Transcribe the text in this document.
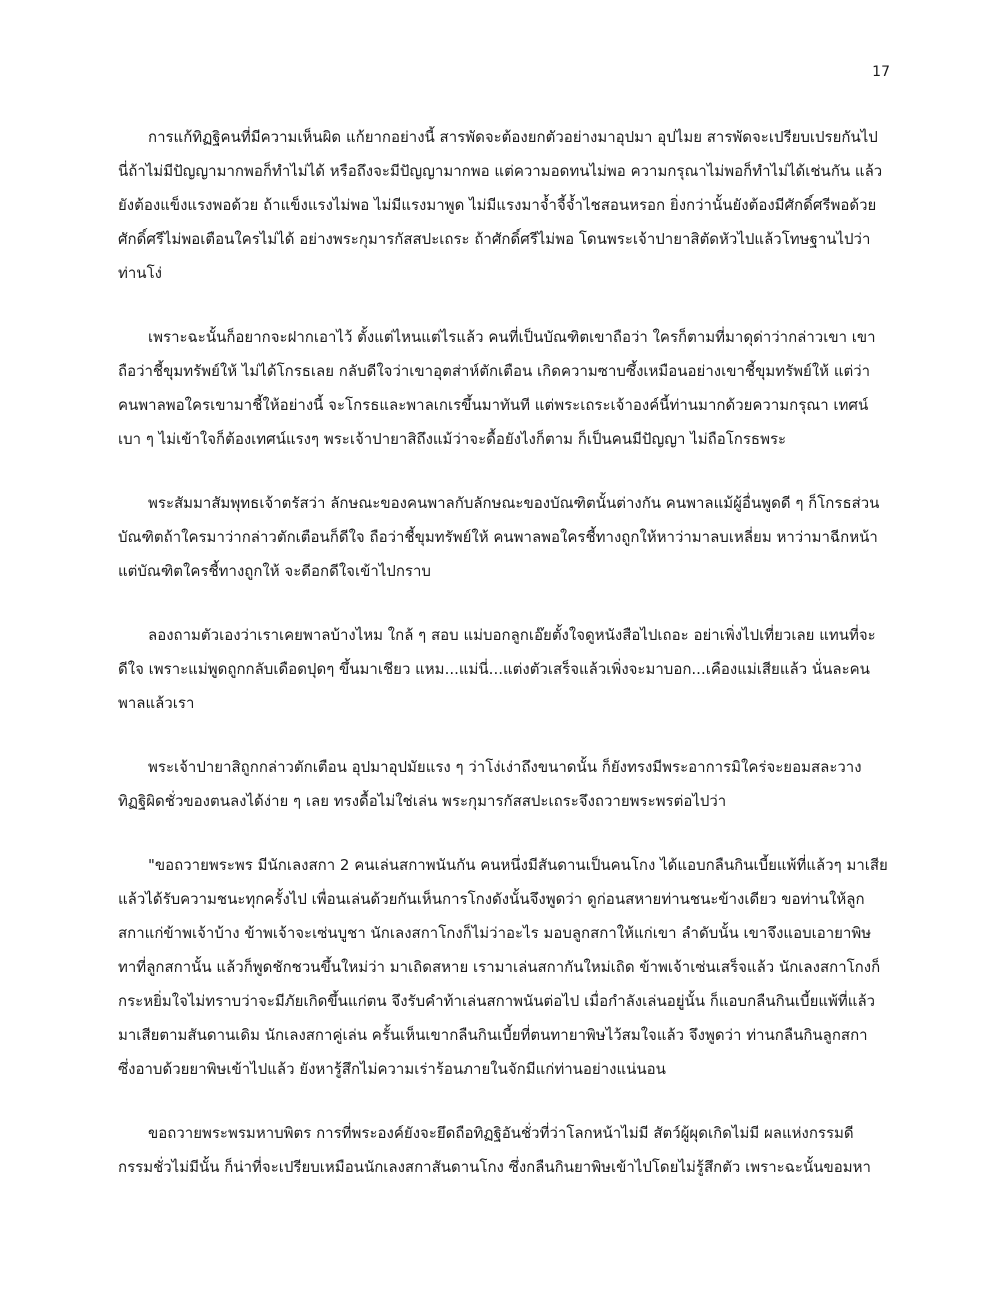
17

การแก้ทิฏฐิคนที่มีความเห็นผิด แก้ยากอย่างนี้ สารพัดจะต้องยกตัวอย่างมาอุปมา อุปไมย สารพัดจะเปรียบเปรยกันไป นี่ถ้าไม่มีปัญญามากพอก็ทำไม่ได้ หรือถึงจะมีปัญญามากพอ แต่ความอดทนไม่พอ ความกรุณาไม่พอก็ทำไม่ได้เช่นกัน แล้วยังต้องแข็งแรงพอด้วย ถ้าแข็งแรงไม่พอ ไม่มีแรงมาพูด ไม่มีแรงมาจ้ำจี้จ้ำไชสอนหรอก ยิ่งกว่านั้นยังต้องมีศักดิ์ศรีพอด้วย ศักดิ์ศรีไม่พอเตือนใครไม่ได้ อย่างพระกุมารกัสสปะเถระ ถ้าศักดิ์ศรีไม่พอ โดนพระเจ้าปายาสิตัดหัวไปแล้วโทษฐานไปว่าท่านโง่

เพราะฉะนั้นก็อยากจะฝากเอาไว้ ตั้งแต่ไหนแต่ไรแล้ว คนที่เป็นบัณฑิตเขาถือว่า ใครก็ตามที่มาดุด่าว่ากล่าวเขา เขาถือว่าชี้ขุมทรัพย์ให้ ไม่ได้โกรธเลย กลับดีใจว่าเขาอุตส่าห์ตักเตือน เกิดความซาบซึ้งเหมือนอย่างเขาชี้ขุมทรัพย์ให้ แต่ว่าคนพาลพอใครเขามาชี้ให้อย่างนี้ จะโกรธและพาลเกเรขึ้นมาทันที แต่พระเถระเจ้าองค์นี้ท่านมากด้วยความกรุณา เทศน์เบา ๆ ไม่เข้าใจก็ต้องเทศน์แรงๆ พระเจ้าปายาสิถึงแม้ว่าจะดื้อยังไงก็ตาม ก็เป็นคนมีปัญญา ไม่ถือโกรธพระ

พระสัมมาสัมพุทธเจ้าตรัสว่า ลักษณะของคนพาลกับลักษณะของบัณฑิตนั้นต่างกัน คนพาลแม้ผู้อื่นพูดดี ๆ ก็โกรธส่วนบัณฑิตถ้าใครมาว่ากล่าวตักเตือนก็ดีใจ ถือว่าชี้ขุมทรัพย์ให้ คนพาลพอใครชี้ทางถูกให้หาว่ามาลบเหลี่ยม หาว่ามาฉีกหน้า แต่บัณฑิตใครชี้ทางถูกให้ จะดีอกดีใจเข้าไปกราบ

ลองถามตัวเองว่าเราเคยพาลบ้างไหม ใกล้ ๆ สอบ แม่บอกลูกเอ๊ยตั้งใจดูหนังสือไปเถอะ อย่าเพิ่งไปเที่ยวเลย แทนที่จะดีใจ เพราะแม่พูดถูกกลับเดือดปุดๆ ขึ้นมาเชียว แหม...แม่นี่...แต่งตัวเสร็จแล้วเพิ่งจะมาบอก...เคืองแม่เสียแล้ว นั่นละคนพาลแล้วเรา

พระเจ้าปายาสิถูกกล่าวตักเตือน อุปมาอุปมัยแรง ๆ ว่าโง่เง่าถึงขนาดนั้น ก็ยังทรงมีพระอาการมิใคร่จะยอมสละวางทิฏฐิผิดชั่วของตนลงได้ง่าย ๆ เลย ทรงดื้อไม่ใช่เล่น พระกุมารกัสสปะเถระจึงถวายพระพรต่อไปว่า

"ขอถวายพระพร มีนักเลงสกา 2 คนเล่นสกาพนันกัน คนหนึ่งมีสันดานเป็นคนโกง ได้แอบกลืนกินเบี้ยแพ้ที่แล้วๆ มาเสียแล้วได้รับความชนะทุกครั้งไป เพื่อนเล่นด้วยกันเห็นการโกงดังนั้นจึงพูดว่า ดูก่อนสหายท่านชนะข้างเดียว ขอท่านให้ลูกสกาแก่ข้าพเจ้าบ้าง ข้าพเจ้าจะเซ่นบูชา นักเลงสกาโกงก็ไม่ว่าอะไร มอบลูกสกาให้แก่เขา ลำดับนั้น เขาจึงแอบเอายาพิษ ทาที่ลูกสกานั้น แล้วก็พูดชักชวนขึ้นใหม่ว่า มาเถิดสหาย เรามาเล่นสกากันใหม่เถิด ข้าพเจ้าเซ่นเสร็จแล้ว นักเลงสกาโกงก็กระหยิ่มใจไม่ทราบว่าจะมีภัยเกิดขึ้นแก่ตน จึงรับคำท้าเล่นสกาพนันต่อไป เมื่อกำลังเล่นอยู่นั้น ก็แอบกลืนกินเบี้ยแพ้ที่แล้วมาเสียตามสันดานเดิม นักเลงสกาคู่เล่น ครั้นเห็นเขากลืนกินเบี้ยที่ตนทายาพิษไว้สมใจแล้ว จึงพูดว่า ท่านกลืนกินลูกสกา ซึ่งอาบด้วยยาพิษเข้าไปแล้ว ยังหารู้สึกไม่ความเร่าร้อนภายในจักมีแก่ท่านอย่างแน่นอน

ขอถวายพระพรมหาบพิตร การที่พระองค์ยังจะยึดถือทิฏฐิอันชั่วที่ว่าโลกหน้าไม่มี สัตว์ผู้ผุดเกิดไม่มี ผลแห่งกรรมดีกรรมชั่วไม่มีนั้น ก็น่าที่จะเปรียบเหมือนนักเลงสกาสันดานโกง ซึ่งกลืนกินยาพิษเข้าไปโดยไม่รู้สึกตัว เพราะฉะนั้นขอมหา
